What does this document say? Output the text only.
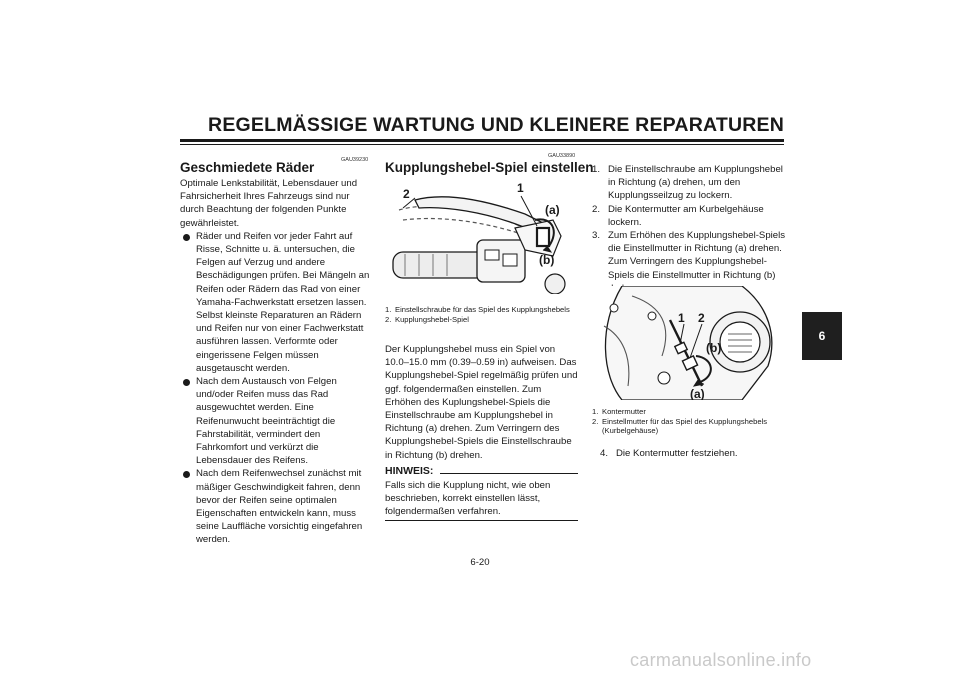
REGELMÄSSIGE WARTUNG UND KLEINERE REPARATUREN
GAU39230
Geschmiedete Räder

Optimale Lenkstabilität, Lebensdauer und Fahrsicherheit Ihres Fahrzeugs sind nur durch Beachtung der folgenden Punkte gewährleistet.

Räder und Reifen vor jeder Fahrt auf Risse, Schnitte u. ä. untersuchen, die Felgen auf Verzug und andere Beschädigungen prüfen. Bei Mängeln an Reifen oder Rädern das Rad von einer Yamaha-Fachwerkstatt ersetzen lassen. Selbst kleinste Reparaturen an Rädern und Reifen nur von einer Fachwerkstatt ausführen lassen. Verformte oder eingerissene Felgen müssen ausgetauscht werden.
Nach dem Austausch von Felgen und/oder Reifen muss das Rad ausgewuchtet werden. Eine Reifenunwucht beeinträchtigt die Fahrstabilität, vermindert den Fahrkomfort und verkürzt die Lebensdauer des Reifens.
Nach dem Reifenwechsel zunächst mit mäßiger Geschwindigkeit fahren, denn bevor der Reifen seine optimalen Eigenschaften entwickeln kann, muss seine Lauffläche vorsichtig eingefahren werden.
GAU33890
Kupplungshebel-Spiel einstellen
2	1
(a)
(b)
1. Einstellschraube für das Spiel des Kupplungshebels
2. Kupplungshebel-Spiel

Der Kupplungshebel muss ein Spiel von 10.0–15.0 mm (0.39–0.59 in) aufweisen. Das Kupplungshebel-Spiel regelmäßig prüfen und ggf. folgendermaßen einstellen. Zum Erhöhen des Kuplungshebel-Spiels die Einstellschraube am Kupplungshebel in Richtung (a) drehen. Zum Verringern des Kupplungshebel-Spiels die Einstellschraube in Richtung (b) drehen.

HINWEIS:

Falls sich die Kupplung nicht, wie oben beschrieben, korrekt einstellen lässt, folgendermaßen verfahren.

1. Die Einstellschraube am Kupplungshebel in Richtung (a) drehen, um den Kupplungsseilzug zu lockern.
2. Die Kontermutter am Kurbelgehäuse lockern.
3. Zum Erhöhen des Kupplungshebel-Spiels die Einstellmutter in Richtung (a) drehen. Zum Verringern des Kupplungshebel-Spiels die Einstellmutter in Richtung (b)
1 2
(b)
(a)
1. Kontermutter
2. Einstellmutter für das Spiel des Kupplungshebels (Kurbelgehäuse)
4. Die Kontermutter festziehen.
6
6-20
carmanualsonline.info
